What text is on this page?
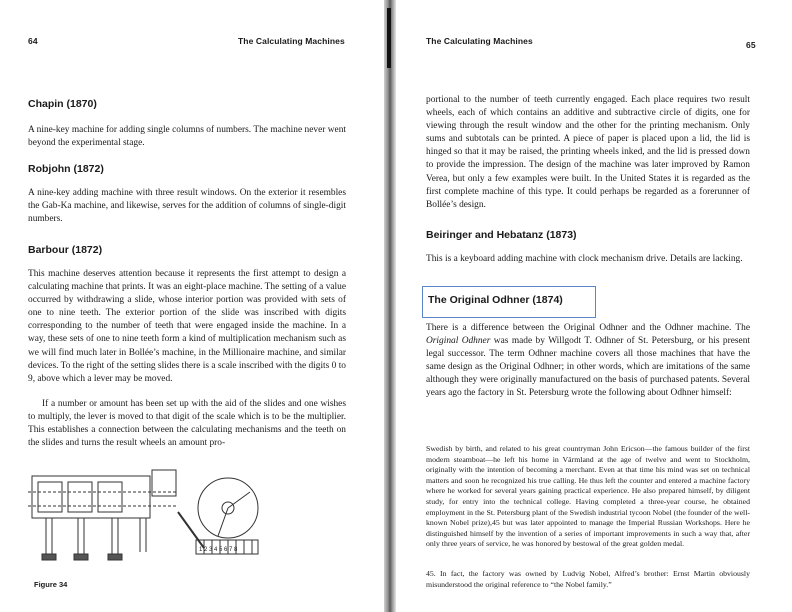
64	The Calculating Machines
Chapin (1870)

A nine-key machine for adding single columns of numbers. The machine never went beyond the experimental stage.

Robjohn (1872)

A nine-key adding machine with three result windows. On the exterior it resembles the Gab-Ka machine, and likewise, serves for the addition of columns of single-digit numbers.

Barbour (1872)

This machine deserves attention because it represents the first attempt to design a calculating machine that prints. It was an eight-place machine. The setting of a value occurred by withdrawing a slide, whose interior portion was provided with sets of one to nine teeth. The exterior portion of the slide was inscribed with digits corresponding to the number of teeth that were engaged inside the machine. In a way, these sets of one to nine teeth form a kind of multiplication mechanism such as we will find much later in Bollée’s machine, in the Millionaire machine, and similar devices. To the right of the setting slides there is a scale inscribed with the digits 0 to 9, above which a lever may be moved.

If a number or amount has been set up with the aid of the slides and one wishes to multiply, the lever is moved to that digit of the scale which is to be the multiplier. This establishes a connection between the calculating mechanisms and the teeth on the slides and turns the result wheels an amount pro-

1 2 3 4 5 6 7 8
Figure 34
The Calculating Machines	65

portional to the number of teeth currently engaged. Each place requires two result wheels, each of which contains an additive and subtractive circle of digits, one for viewing through the result window and the other for the printing mechanism. Only sums and subtotals can be printed. A piece of paper is placed upon a lid, the lid is hinged so that it may be raised, the printing wheels inked, and the lid is pressed down to provide the impression. The design of the machine was later improved by Ramon Verea, but only a few examples were built. In the United States it is regarded as the first complete machine of this type. It could perhaps be regarded as a forerunner of Bollée’s design.

Beiringer and Hebatanz (1873)

This is a keyboard adding machine with clock mechanism drive. Details are lacking.

The Original Odhner (1874)

There is a difference between the Original Odhner and the Odhner machine. The Original Odhner was made by Willgodt T. Odhner of St. Petersburg, or his present legal successor. The term Odhner machine covers all those machines that have the same design as the Original Odhner; in other words, which are imitations of the same although they were originally manufactured on the basis of purchased patents. Several years ago the factory in St. Petersburg wrote the following about Odhner himself:

Swedish by birth, and related to his great countryman John Ericson—the famous builder of the first modern steamboat—he left his home in Värmland at the age of twelve and went to Stockholm, originally with the intention of becoming a merchant. Even at that time his mind was set on technical matters and soon he recognized his true calling. He thus left the counter and entered a machine factory where he worked for several years gaining practical experience. He also prepared himself, by diligent study, for entry into the technical college. Having completed a three-year course, he obtained employment in the St. Petersburg plant of the Swedish industrial tycoon Nobel (the founder of the well-known Nobel prize),45 but was later appointed to manage the Imperial Russian Workshops. Here he distinguished himself by the invention of a series of important improvements in such a way that, after only three years of service, he was honored by bestowal of the great golden medal.

45. In fact, the factory was owned by Ludvig Nobel, Alfred’s brother: Ernst Martin obviously misunderstood the original reference to “the Nobel family.”
